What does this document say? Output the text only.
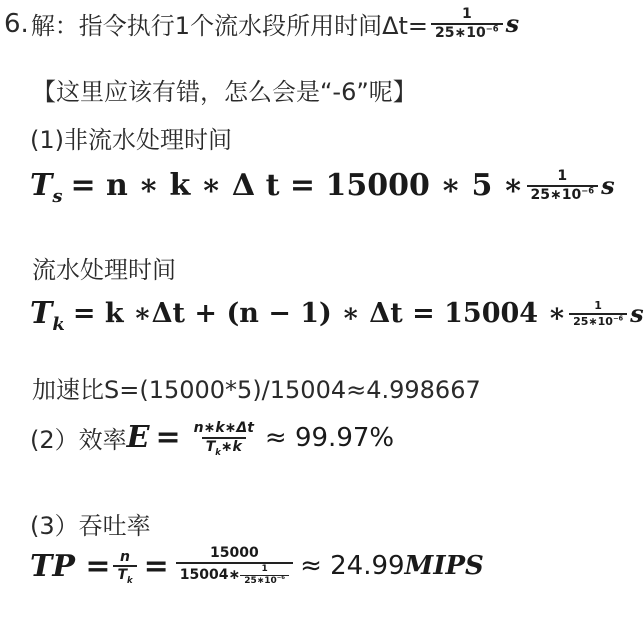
6. 解：指令执行1个流水段所用时间$\Delta t= \frac{1}{25∗10^{-6}}$ s
【这里应该有错，怎么会是“-6”呢】
(1)非流水处理时间
$T_s = n$ ∗ k ∗ Δ t = 15000 ∗ 5 ∗ $\frac{1}{25∗10^{-6}}$ s
流水处理时间
$T_k = k$ ∗Δt + (n − 1) ∗ Δt = 15004 ∗ $\frac{1}{25∗10^{-6}}$ s
加速比S=(15000*5)/15004≈4.998667
(2）效率 $E = \frac{n∗k∗\Delta t}{T_k∗k} \approx 99.97\%$
(3）吞吐率
TP = $\frac{n}{T_k} = \frac{15000}{15004∗ \frac{1}{25∗10^{-6}}}$ ≈ 24.99MIPS
